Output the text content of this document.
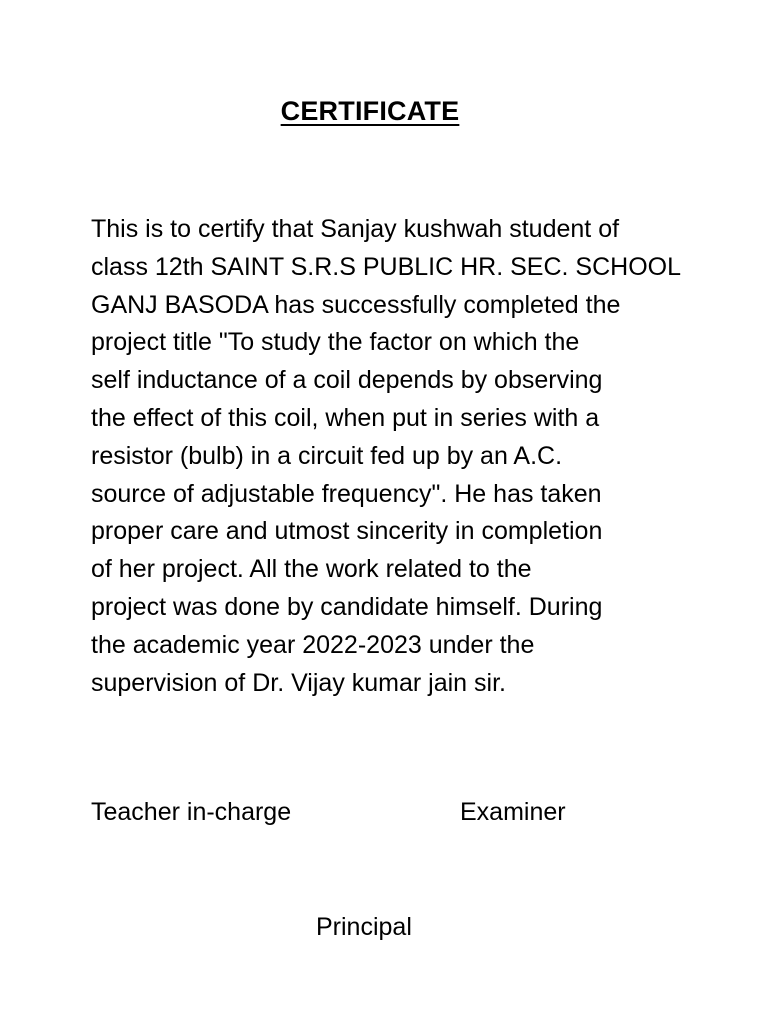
CERTIFICATE

This is to certify that Sanjay kushwah student of
class 12th SAINT S.R.S PUBLIC HR. SEC. SCHOOL
GANJ BASODA has successfully completed the
project title "To study the factor on which the
self inductance of a coil depends by observing
the effect of this coil, when put in series with a
resistor (bulb) in a circuit fed up by an A.C.
source of adjustable frequency". He has taken
proper care and utmost sincerity in completion
of her project. All the work related to the
project was done by candidate himself. During
the academic year 2022-2023 under the
supervision of Dr. Vijay kumar jain sir.

Teacher in-charge	Examiner
Principal
